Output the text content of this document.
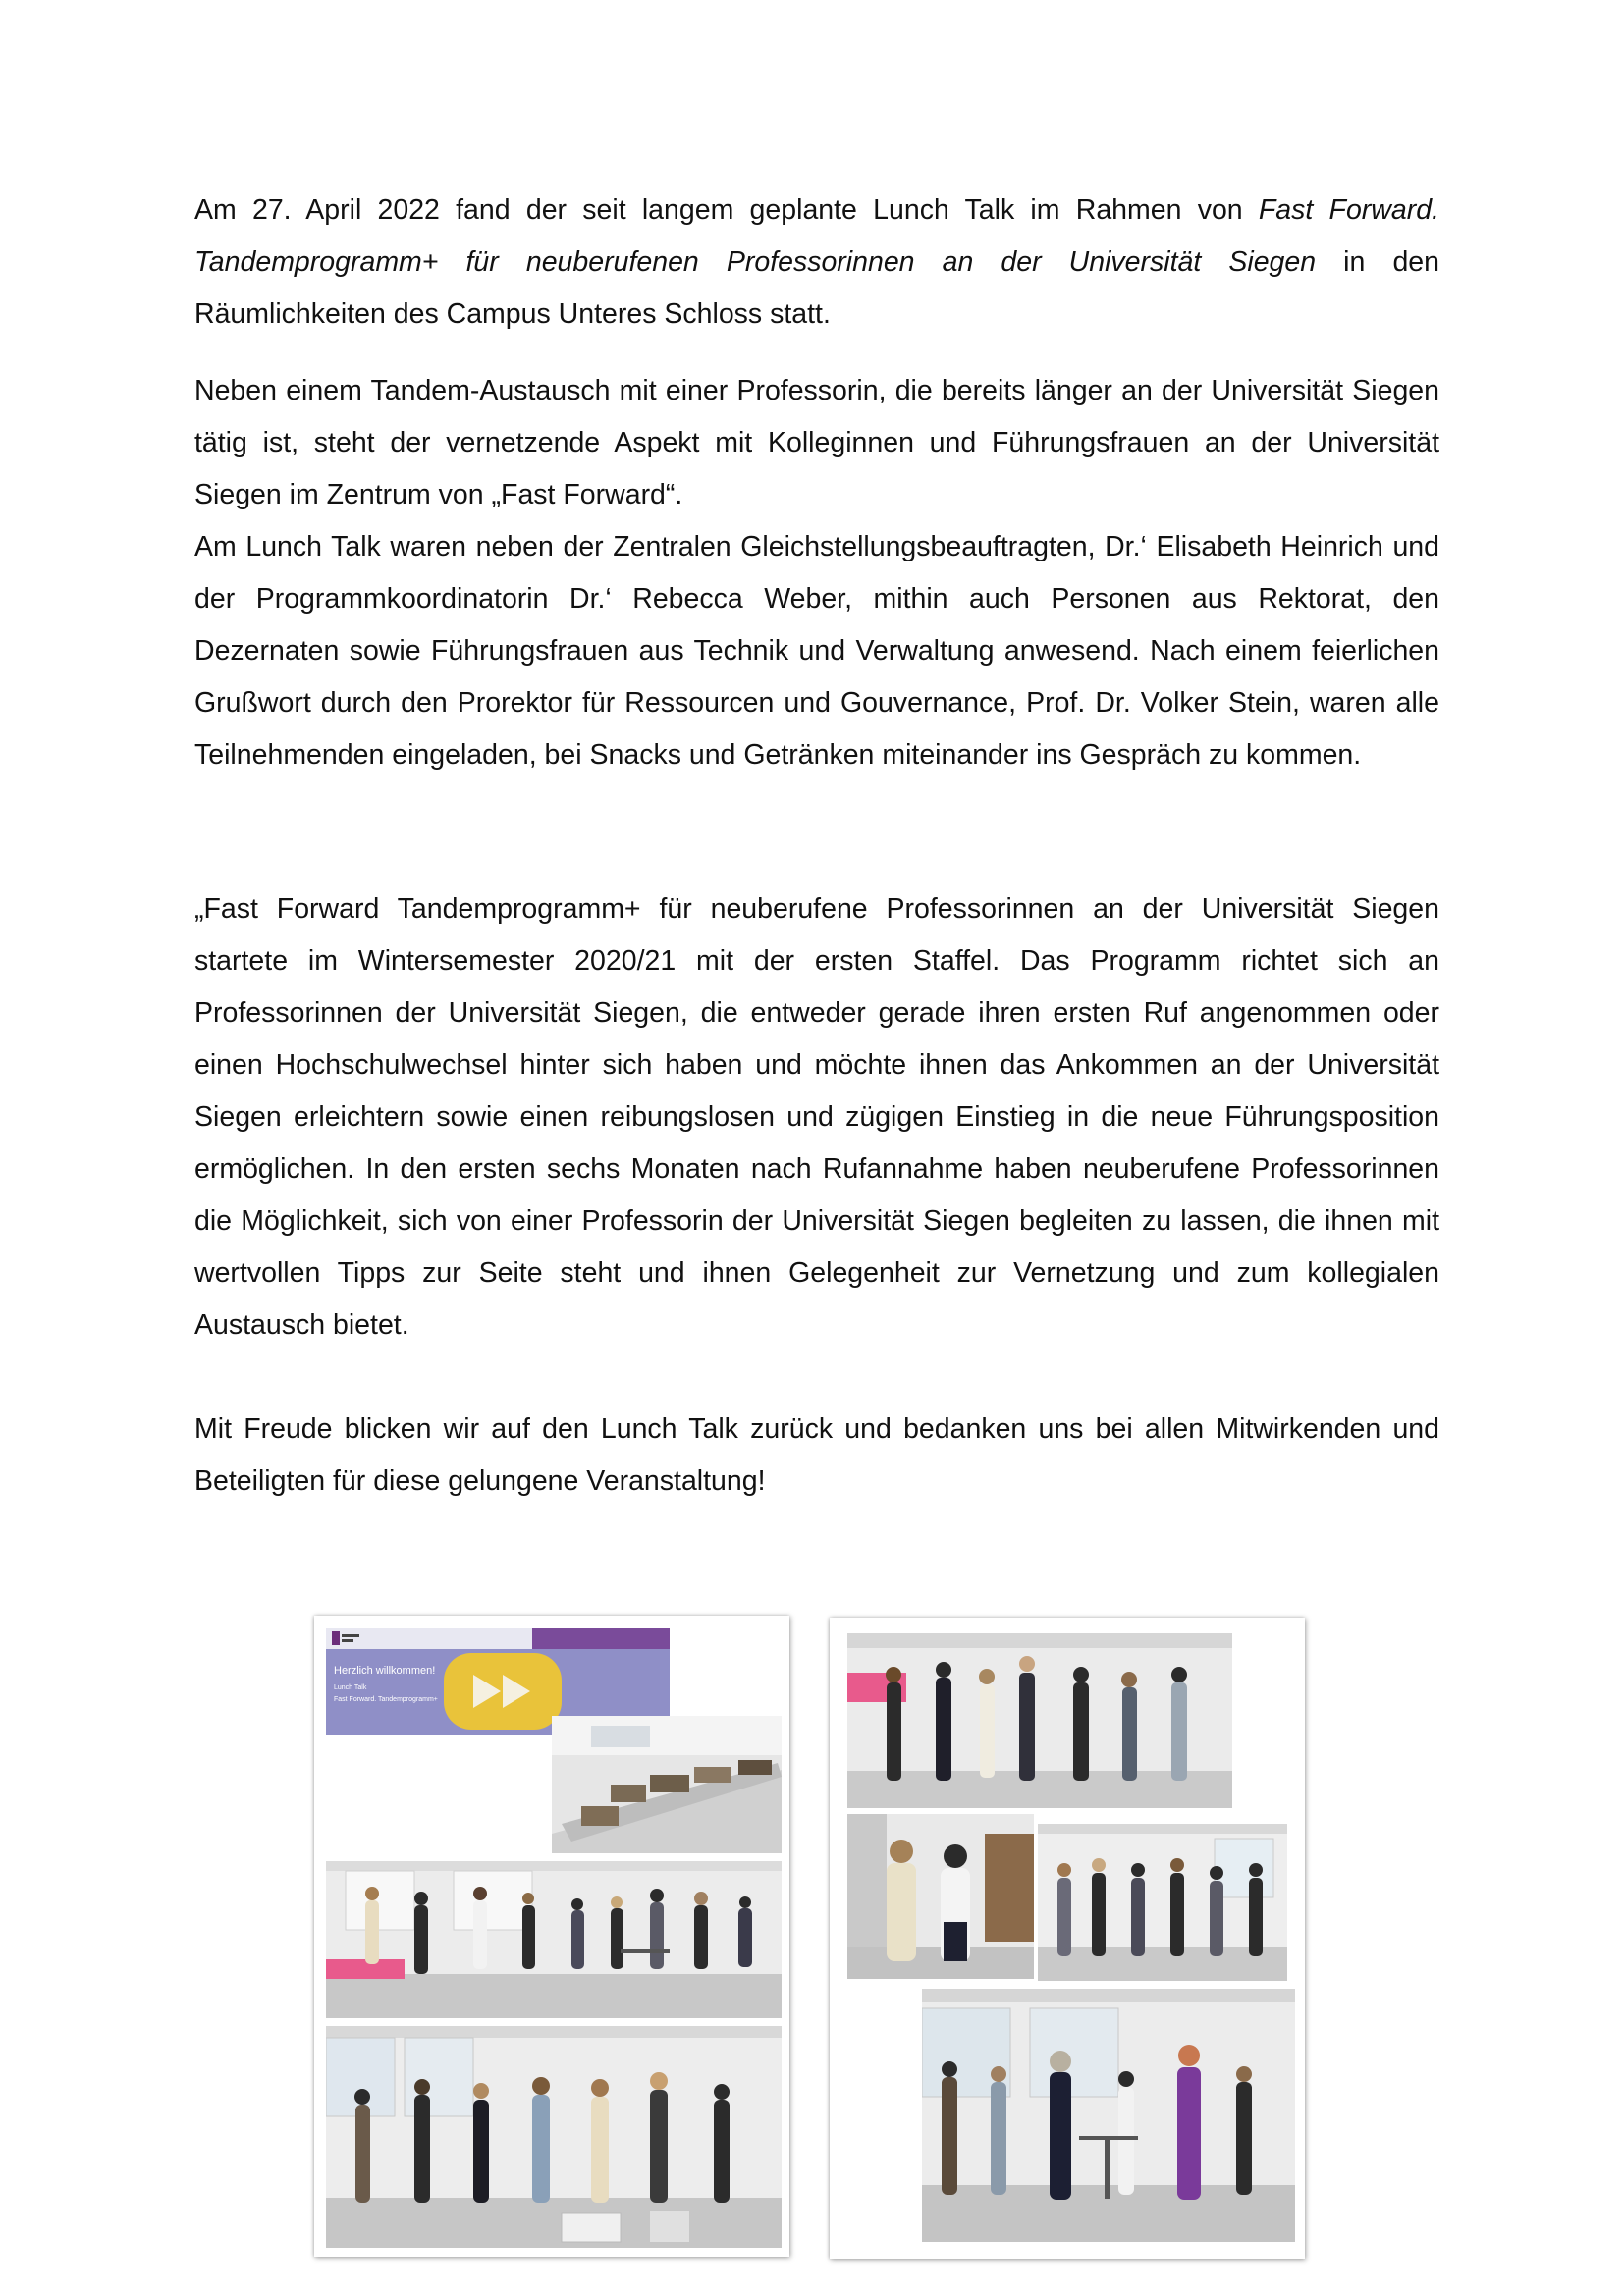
Am 27. April 2022 fand der seit langem geplante Lunch Talk im Rahmen von Fast Forward. Tandemprogramm+ für neuberufenen Professorinnen an der Universität Siegen in den Räumlichkeiten des Campus Unteres Schloss statt.

Neben einem Tandem-Austausch mit einer Professorin, die bereits länger an der Universität Siegen tätig ist, steht der vernetzende Aspekt mit Kolleginnen und Führungsfrauen an der Universität Siegen im Zentrum von „Fast Forward“.

Am Lunch Talk waren neben der Zentralen Gleichstellungsbeauftragten, Dr.‘ Elisabeth Heinrich und der Programmkoordinatorin Dr.‘ Rebecca Weber, mithin auch Personen aus Rektorat, den Dezernaten sowie Führungsfrauen aus Technik und Verwaltung anwesend. Nach einem feierlichen Grußwort durch den Prorektor für Ressourcen und Gouvernance, Prof. Dr. Volker Stein, waren alle Teilnehmenden eingeladen, bei Snacks und Getränken miteinander ins Gespräch zu kommen.

„Fast Forward Tandemprogramm+ für neuberufene Professorinnen an der Universität Siegen startete im Wintersemester 2020/21 mit der ersten Staffel. Das Programm richtet sich an Professorinnen der Universität Siegen, die entweder gerade ihren ersten Ruf angenommen oder einen Hochschulwechsel hinter sich haben und möchte ihnen das Ankommen an der Universität Siegen erleichtern sowie einen reibungslosen und zügigen Einstieg in die neue Führungsposition ermöglichen. In den ersten sechs Monaten nach Rufannahme haben neuberufene Professorinnen die Möglichkeit, sich von einer Professorin der Universität Siegen begleiten zu lassen, die ihnen mit wertvollen Tipps zur Seite steht und ihnen Gelegenheit zur Vernetzung und zum kollegialen Austausch bietet.

Mit Freude blicken wir auf den Lunch Talk zurück und bedanken uns bei allen Mitwirkenden und Beteiligten für diese gelungene Veranstaltung!

Herzlich willkommen!
Lunch Talk
Fast Forward. Tandemprogramm+
